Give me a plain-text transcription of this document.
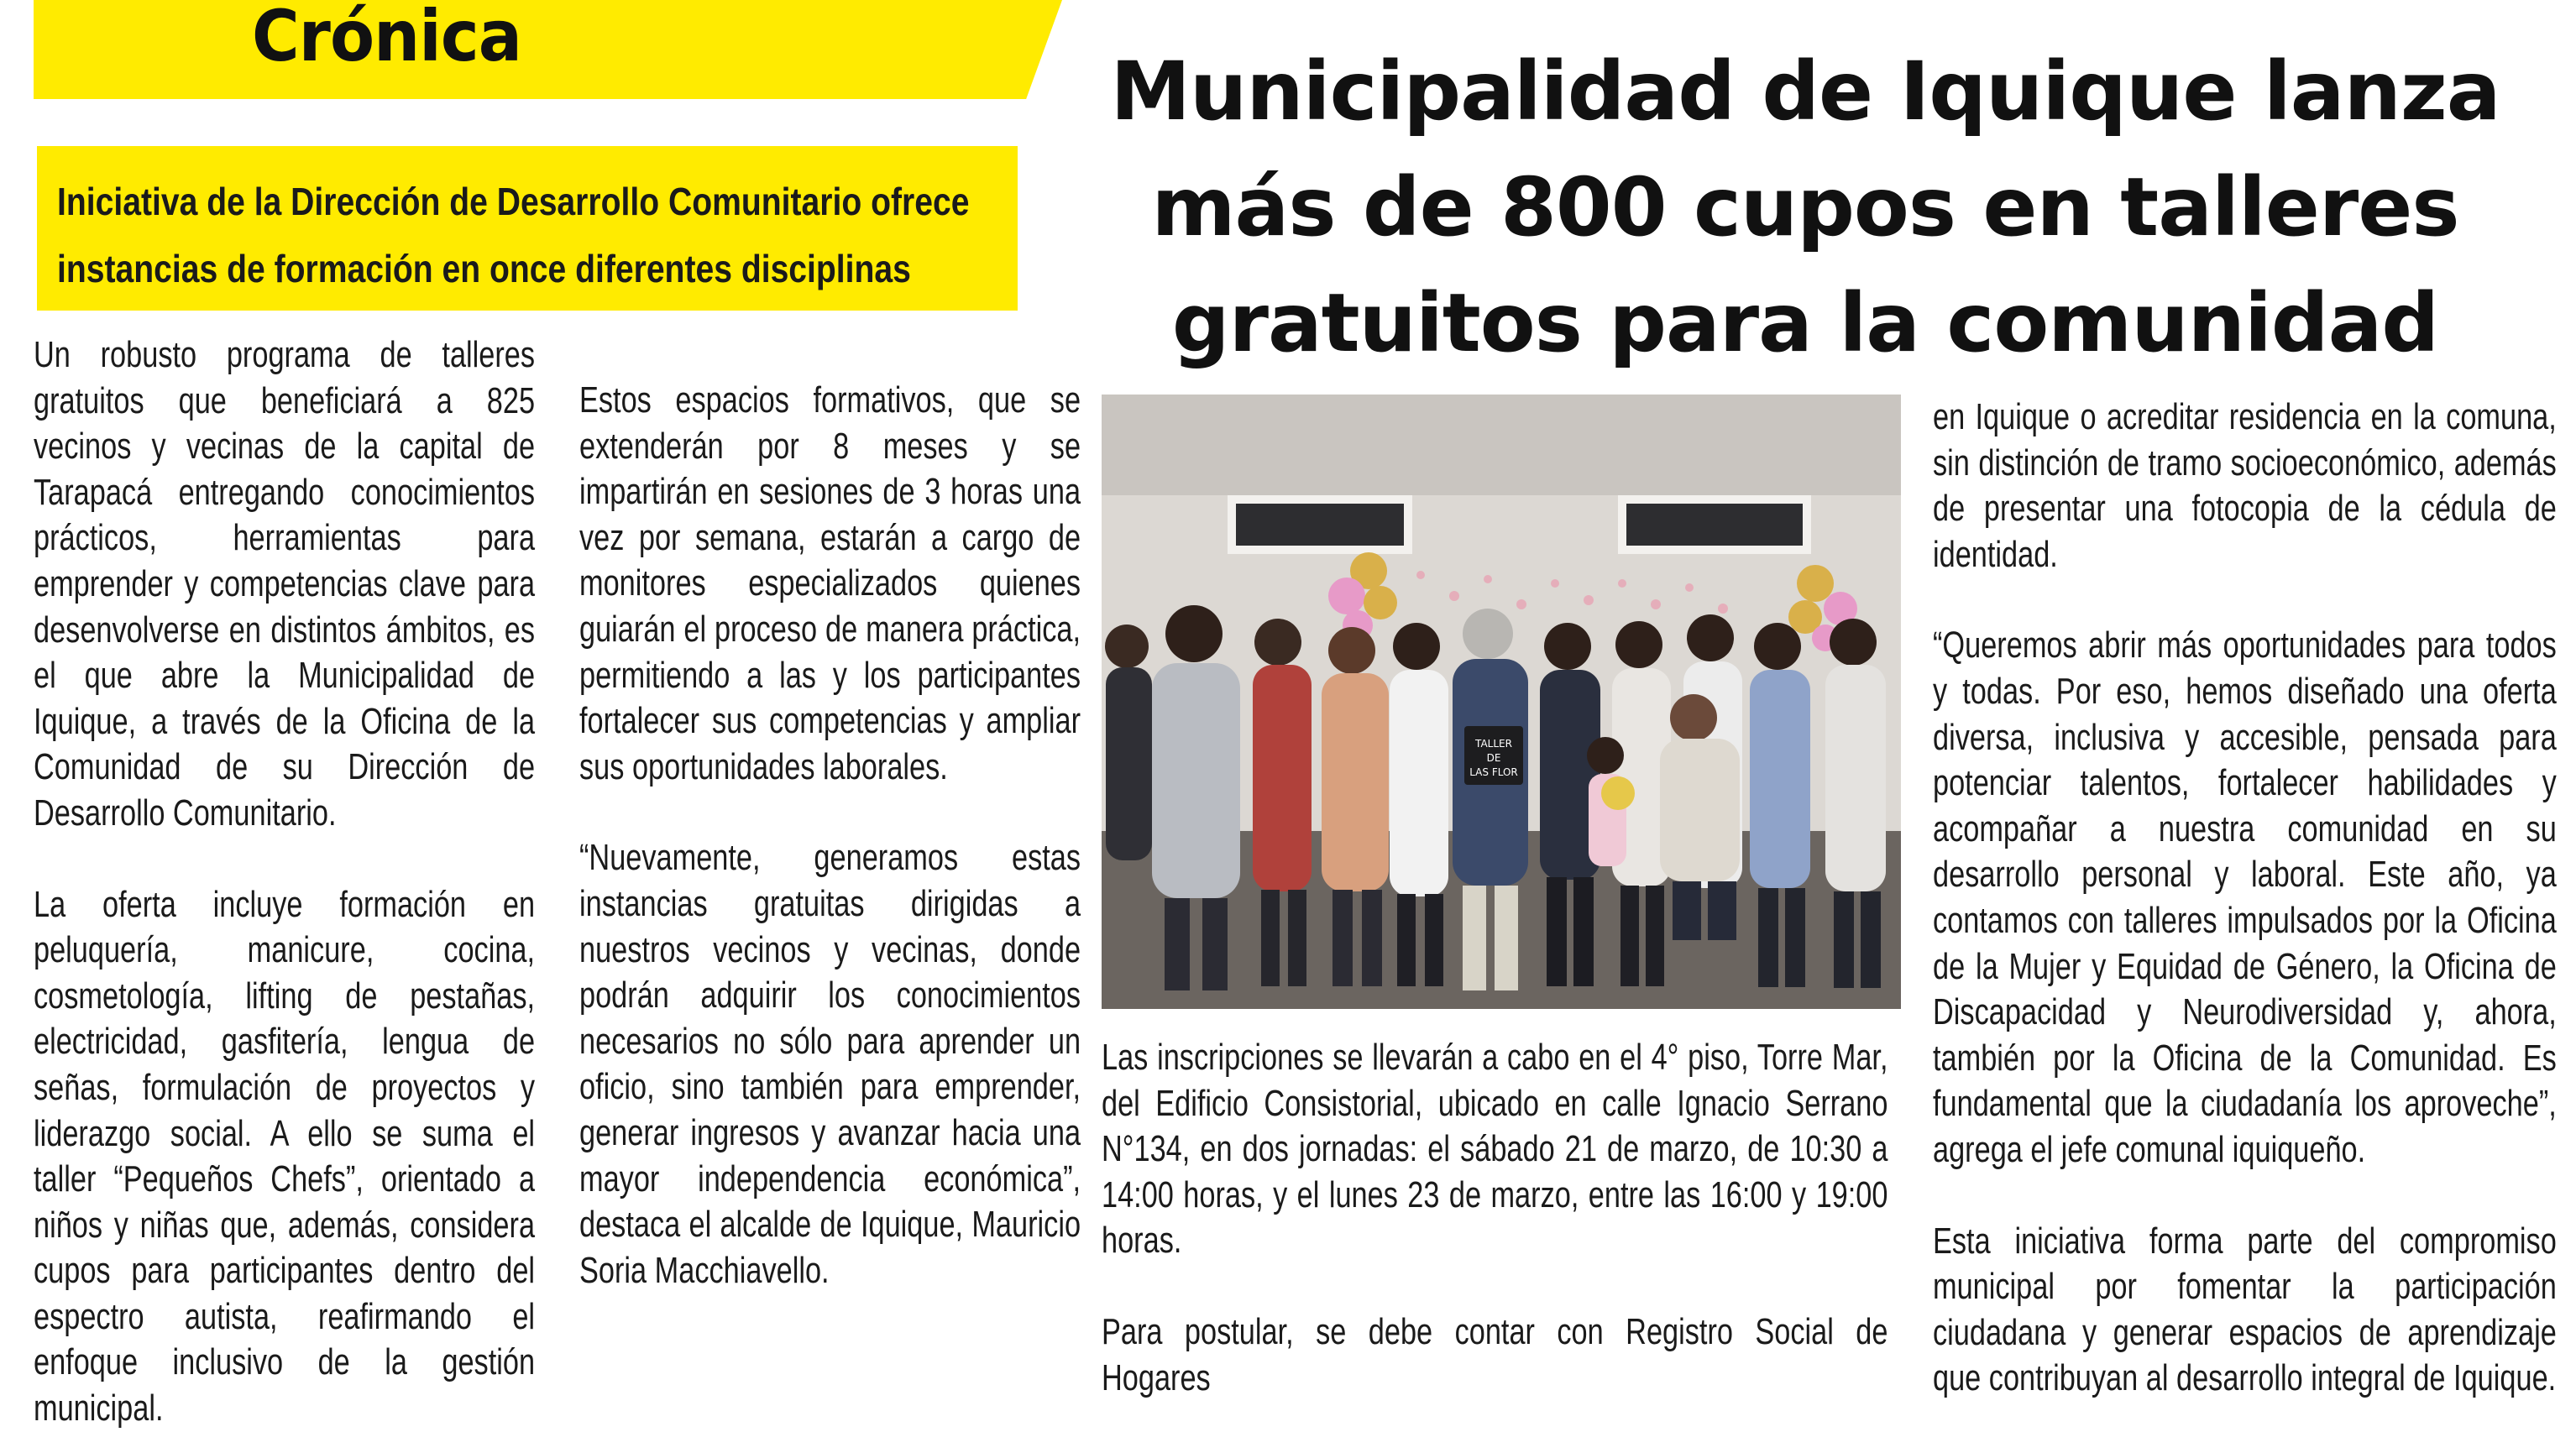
Crónica
Iniciativa de la Dirección de Desarrollo Comunitario ofrece
instancias de formación en once diferentes disciplinas
Municipalidad de Iquique lanza
más de 800 cupos en talleres
gratuitos para la comunidad

Un robusto programa de talleres gratuitos que beneficiará a 825 vecinos y vecinas de la capital de Tarapacá entregando conocimientos prácticos, herramientas para emprender y competencias clave para desenvolverse en distintos ámbitos, es el que abre la Municipalidad de Iquique, a través de la Oficina de la Comunidad de su Dirección de Desarrollo Comunitario.

La oferta incluye formación en peluquería, manicure, cocina, cosmetología, lifting de pestañas, electricidad, gasfitería, lengua de señas, formulación de proyectos y liderazgo social. A ello se suma el taller “Pequeños Chefs”, orientado a niños y niñas que, además, considera cupos para participantes dentro del espectro autista, reafirmando el enfoque inclusivo de la gestión municipal.

Estos espacios formativos, que se extenderán por 8 meses y se impartirán en sesiones de 3 horas una vez por semana, estarán a cargo de monitores especializados quienes guiarán el proceso de manera práctica, permitiendo a las y los participantes fortalecer sus competencias y ampliar sus oportunidades laborales.

“Nuevamente, generamos estas instancias gratuitas dirigidas a nuestros vecinos y vecinas, donde podrán adquirir los conocimientos necesarios no sólo para aprender un oficio, sino también para emprender, generar ingresos y avanzar hacia una mayor independencia económica”, destaca el alcalde de Iquique, Mauricio Soria Macchiavello.

TALLER
DE
LAS FLOR

Las inscripciones se llevarán a cabo en el 4° piso, Torre Mar, del Edificio Consistorial, ubicado en calle Ignacio Serrano N°134, en dos jornadas: el sábado 21 de marzo, de 10:30 a 14:00 horas, y el lunes 23 de marzo, entre las 16:00 y 19:00 horas.

Para postular, se debe contar con Registro Social de Hogares

en Iquique o acreditar residencia en la comuna, sin distinción de tramo socioeconómico, además de presentar una fotocopia de la cédula de identidad.

“Queremos abrir más oportunidades para todos y todas. Por eso, hemos diseñado una oferta diversa, inclusiva y accesible, pensada para potenciar talentos, fortalecer habilidades y acompañar a nuestra comunidad en su desarrollo personal y laboral. Este año, ya contamos con talleres impulsados por la Oficina de la Mujer y Equidad de Género, la Oficina de Discapacidad y Neurodiversidad y, ahora, también por la Oficina de la Comunidad. Es fundamental que la ciudadanía los aproveche”, agrega el jefe comunal iquiqueño.

Esta iniciativa forma parte del compromiso municipal por fomentar la participación ciudadana y generar espacios de aprendizaje que contribuyan al desarrollo integral de Iquique.
